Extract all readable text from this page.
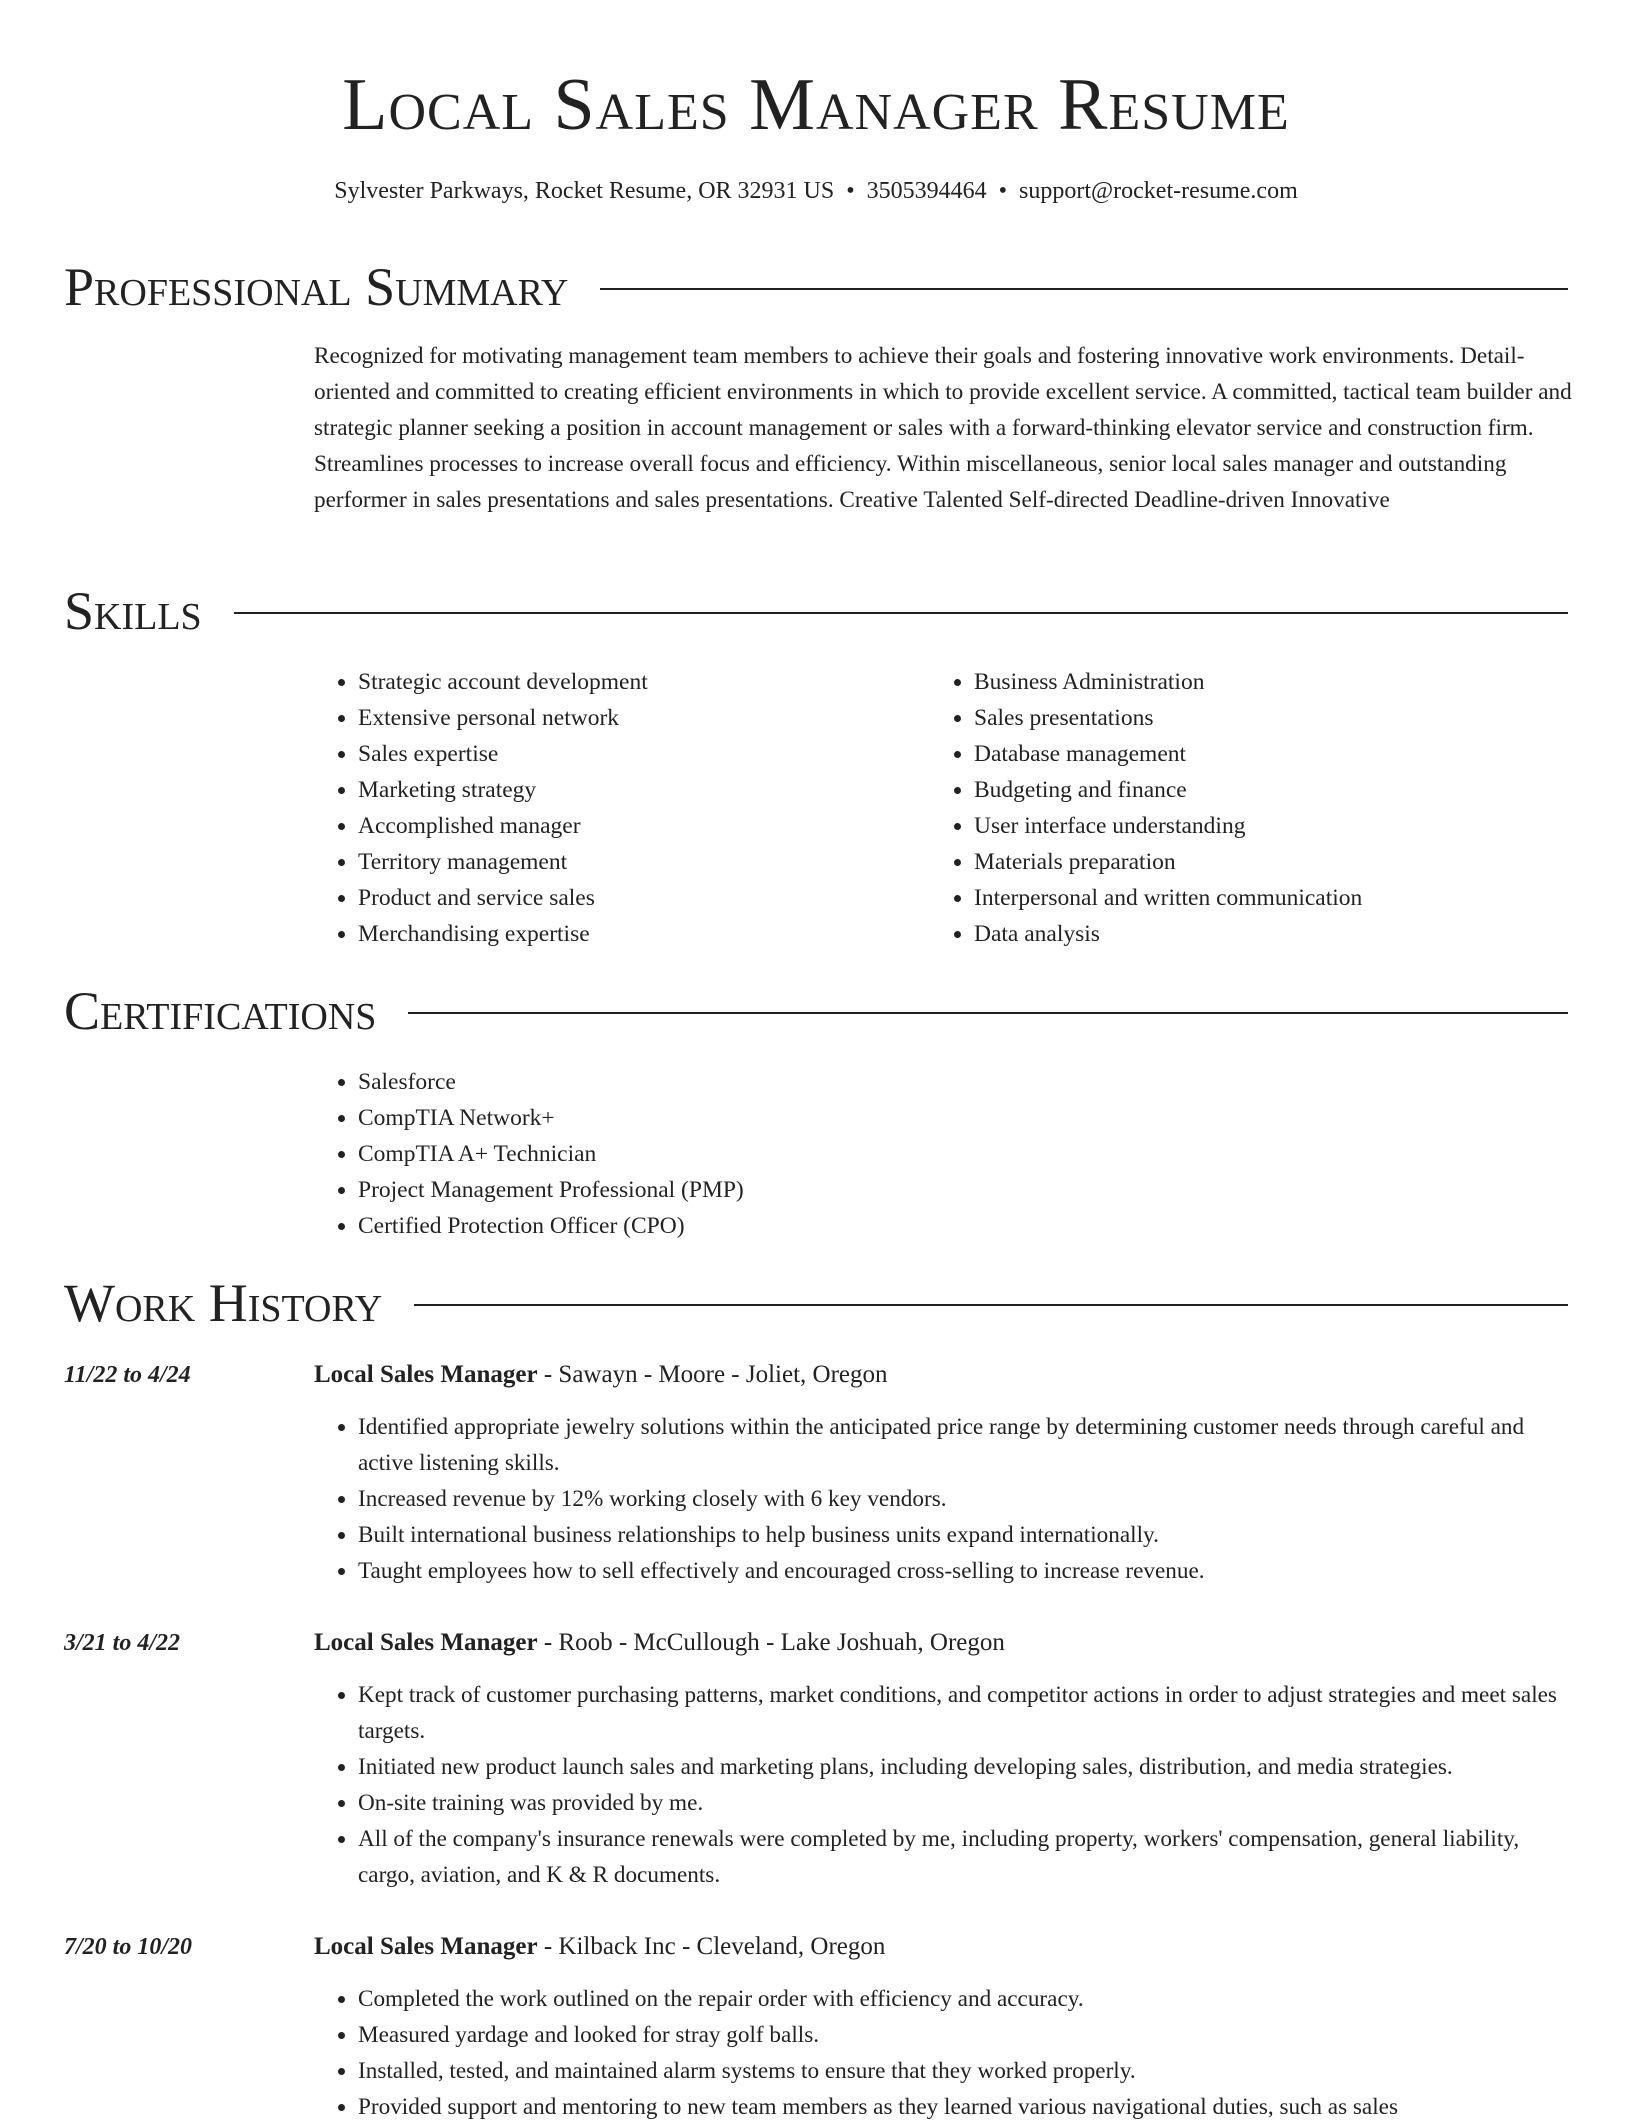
Local Sales Manager Resume
Sylvester Parkways, Rocket Resume, OR 32931 US • 3505394464 • support@rocket-resume.com
Professional Summary

Recognized for motivating management team members to achieve their goals and fostering innovative work environments. Detail-oriented and committed to creating efficient environments in which to provide excellent service. A committed, tactical team builder and strategic planner seeking a position in account management or sales with a forward-thinking elevator service and construction firm. Streamlines processes to increase overall focus and efficiency. Within miscellaneous, senior local sales manager and outstanding performer in sales presentations and sales presentations. Creative Talented Self-directed Deadline-driven Innovative

Skills
• Strategic account development
• Extensive personal network
• Sales expertise
• Marketing strategy
• Accomplished manager
• Territory management
• Product and service sales
• Merchandising expertise
• Business Administration
• Sales presentations
• Database management
• Budgeting and finance
• User interface understanding
• Materials preparation
• Interpersonal and written communication
• Data analysis
Certifications
• Salesforce
• CompTIA Network+
• CompTIA A+ Technician
• Project Management Professional (PMP)
• Certified Protection Officer (CPO)
Work History
11/22 to 4/24	Local Sales Manager - Sawayn - Moore - Joliet, Oregon
• Identified appropriate jewelry solutions within the anticipated price range by determining customer needs through careful and active listening skills.
• Increased revenue by 12% working closely with 6 key vendors.
• Built international business relationships to help business units expand internationally.
• Taught employees how to sell effectively and encouraged cross-selling to increase revenue.
3/21 to 4/22	Local Sales Manager - Roob - McCullough - Lake Joshuah, Oregon
• Kept track of customer purchasing patterns, market conditions, and competitor actions in order to adjust strategies and meet sales targets.
• Initiated new product launch sales and marketing plans, including developing sales, distribution, and media strategies.
• On-site training was provided by me.
• All of the company's insurance renewals were completed by me, including property, workers' compensation, general liability, cargo, aviation, and K & R documents.
7/20 to 10/20	Local Sales Manager - Kilback Inc - Cleveland, Oregon
• Completed the work outlined on the repair order with efficiency and accuracy.
• Measured yardage and looked for stray golf balls.
• Installed, tested, and maintained alarm systems to ensure that they worked properly.
• Provided support and mentoring to new team members as they learned various navigational duties, such as sales
